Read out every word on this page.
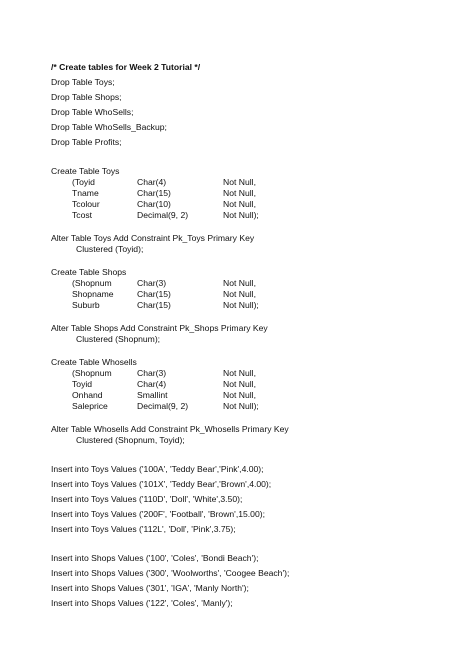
/* Create tables for Week 2 Tutorial */
Drop Table Toys;
Drop Table Shops;
Drop Table WhoSells;
Drop Table WhoSells_Backup;
Drop Table Profits;
Create Table Toys
(Toyid	Char(4)	Not Null,
Tname	Char(15)	Not Null,
Tcolour	Char(10)	Not Null,
Tcost	Decimal(9, 2)	Not Null);
Alter Table Toys Add Constraint Pk_Toys Primary Key
Clustered (Toyid);
Create Table Shops
(Shopnum	Char(3)	Not Null,
Shopname	Char(15)	Not Null,
Suburb	Char(15)	Not Null);
Alter Table Shops Add Constraint Pk_Shops Primary Key
Clustered (Shopnum);
Create Table Whosells
(Shopnum	Char(3)	Not Null,
Toyid	Char(4)	Not Null,
Onhand	Smallint	Not Null,
Saleprice	Decimal(9, 2)	Not Null);
Alter Table Whosells Add Constraint Pk_Whosells Primary Key
Clustered (Shopnum, Toyid);
Insert into Toys Values ('100A', 'Teddy Bear','Pink',4.00);
Insert into Toys Values ('101X', 'Teddy Bear','Brown',4.00);
Insert into Toys Values ('110D', 'Doll', 'White',3.50);
Insert into Toys Values ('200F', 'Football', 'Brown',15.00);
Insert into Toys Values ('112L', 'Doll', 'Pink',3.75);
Insert into Shops Values ('100', 'Coles', 'Bondi Beach');
Insert into Shops Values ('300', 'Woolworths', 'Coogee Beach');
Insert into Shops Values ('301', 'IGA', 'Manly North');
Insert into Shops Values ('122', 'Coles', 'Manly');
